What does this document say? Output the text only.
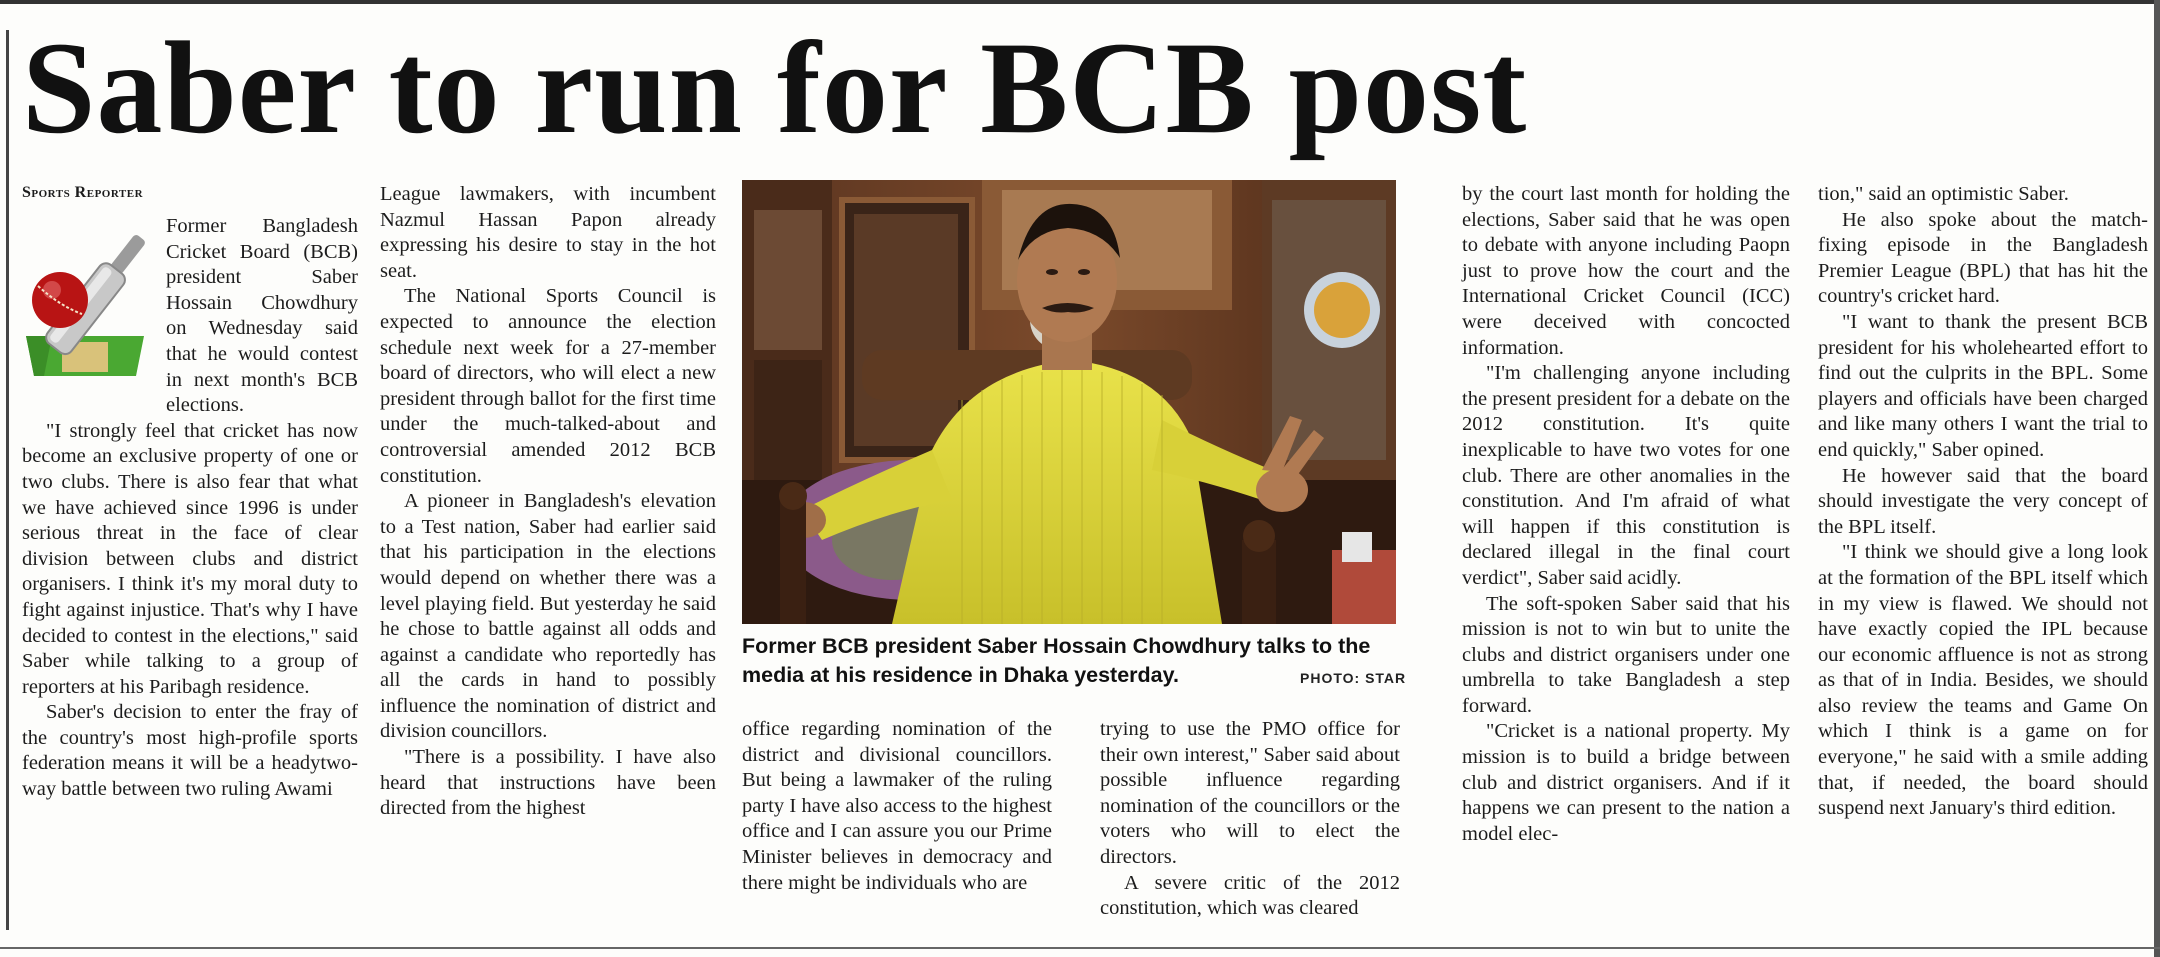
Saber to run for BCB post
Sports Reporter

Former Bangladesh Cricket Board (BCB) president Saber Hossain Chowdhury on Wednesday said that he would contest in next month's BCB elections.

"I strongly feel that cricket has now become an exclusive property of one or two clubs. There is also fear that what we have achieved since 1996 is under serious threat in the face of clear division between clubs and district organisers. I think it's my moral duty to fight against injustice. That's why I have decided to contest in the elections," said Saber while talking to a group of reporters at his Paribagh residence.

Saber's decision to enter the fray of the country's most high-profile sports federation means it will be a headytwo-way battle between two ruling Awami

League lawmakers, with incumbent Nazmul Hassan Papon already expressing his desire to stay in the hot seat.

The National Sports Council is expected to announce the election schedule next week for a 27-member board of directors, who will elect a new president through ballot for the first time under the much-talked-about and controversial amended 2012 BCB constitution.

A pioneer in Bangladesh's elevation to a Test nation, Saber had earlier said that his participation in the elections would depend on whether there was a level playing field. But yesterday he said he chose to battle against all odds and against a candidate who reportedly has all the cards in hand to possibly influence the nomination of district and division councillors.

"There is a possibility. I have also heard that instructions have been directed from the highest

Former BCB president Saber Hossain Chowdhury talks to the media at his residence in Dhaka yesterday.	PHOTO: STAR

office regarding nomination of the district and divisional councillors. But being a lawmaker of the ruling party I have also access to the highest office and I can assure you our Prime Minister believes in democracy and there might be individuals who are

trying to use the PMO office for their own interest," Saber said about possible influence regarding nomination of the councillors or the voters who will to elect the directors.

A severe critic of the 2012 constitution, which was cleared

by the court last month for holding the elections, Saber said that he was open to debate with anyone including Paopn just to prove how the court and the International Cricket Council (ICC) were deceived with concocted information.

"I'm challenging anyone including the present president for a debate on the 2012 constitution. It's quite inexplicable to have two votes for one club. There are other anomalies in the constitution. And I'm afraid of what will happen if this constitution is declared illegal in the final court verdict", Saber said acidly.

The soft-spoken Saber said that his mission is not to win but to unite the clubs and district organisers under one umbrella to take Bangladesh a step forward.

"Cricket is a national property. My mission is to build a bridge between club and district organisers. And if it happens we can present to the nation a model elec-

tion," said an optimistic Saber.

He also spoke about the match-fixing episode in the Bangladesh Premier League (BPL) that has hit the country's cricket hard.

"I want to thank the present BCB president for his wholehearted effort to find out the culprits in the BPL. Some players and officials have been charged and like many others I want the trial to end quickly," Saber opined.

He however said that the board should investigate the very concept of the BPL itself.

"I think we should give a long look at the formation of the BPL itself which in my view is flawed. We should not have exactly copied the IPL because our economic affluence is not as strong as that of in India. Besides, we should also review the teams and Game On which I think is a game on for everyone," he said with a smile adding that, if needed, the board should suspend next January's third edition.
